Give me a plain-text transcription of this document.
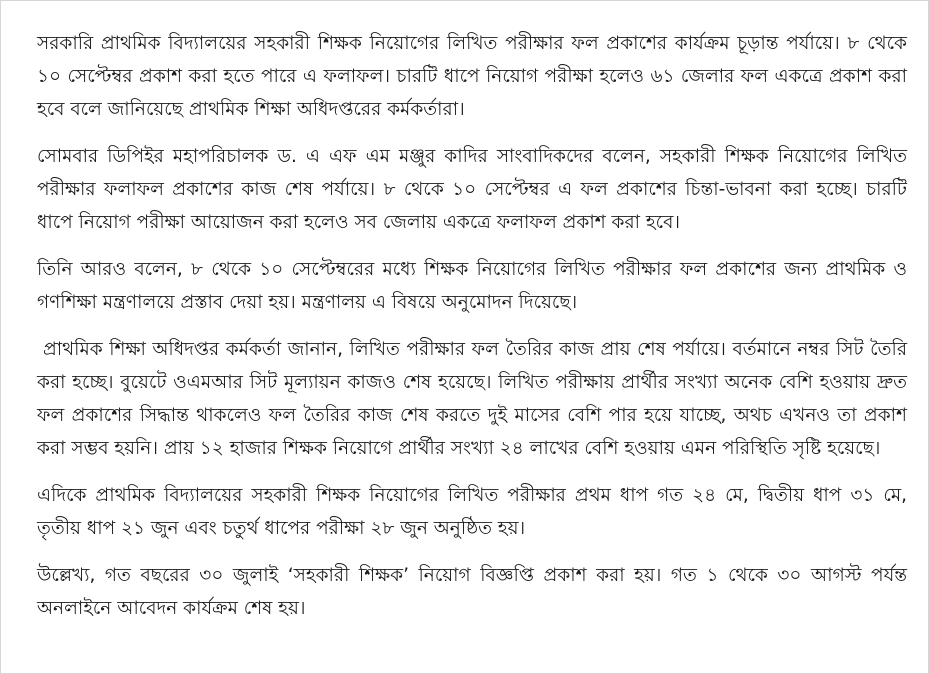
সরকারি প্রাথমিক বিদ্যালয়ের সহকারী শিক্ষক নিয়োগের লিখিত পরীক্ষার ফল প্রকাশের কার্যক্রম চূড়ান্ত পর্যায়ে। ৮ থেকে ১০ সেপ্টেম্বর প্রকাশ করা হতে পারে এ ফলাফল। চারটি ধাপে নিয়োগ পরীক্ষা হলেও ৬১ জেলার ফল একত্রে প্রকাশ করা হবে বলে জানিয়েছে প্রাথমিক শিক্ষা অধিদপ্তরের কর্মকর্তারা।

সোমবার ডিপিইর মহাপরিচালক ড. এ এফ এম মঞ্জুর কাদির সাংবাদিকদের বলেন, সহকারী শিক্ষক নিয়োগের লিখিত পরীক্ষার ফলাফল প্রকাশের কাজ শেষ পর্যায়ে। ৮ থেকে ১০ সেপ্টেম্বর এ ফল প্রকাশের চিন্তা-ভাবনা করা হচ্ছে। চারটি ধাপে নিয়োগ পরীক্ষা আয়োজন করা হলেও সব জেলায় একত্রে ফলাফল প্রকাশ করা হবে।

তিনি আরও বলেন, ৮ থেকে ১০ সেপ্টেম্বরের মধ্যে শিক্ষক নিয়োগের লিখিত পরীক্ষার ফল প্রকাশের জন্য প্রাথমিক ও গণশিক্ষা মন্ত্রণালয়ে প্রস্তাব দেয়া হয়। মন্ত্রণালয় এ বিষয়ে অনুমোদন দিয়েছে।

প্রাথমিক শিক্ষা অধিদপ্তর কর্মকর্তা জানান, লিখিত পরীক্ষার ফল তৈরির কাজ প্রায় শেষ পর্যায়ে। বর্তমানে নম্বর সিট তৈরি করা হচ্ছে। বুয়েটে ওএমআর সিট মূল্যায়ন কাজও শেষ হয়েছে। লিখিত পরীক্ষায় প্রার্থীর সংখ্যা অনেক বেশি হওয়ায় দ্রুত ফল প্রকাশের সিদ্ধান্ত থাকলেও ফল তৈরির কাজ শেষ করতে দুই মাসের বেশি পার হয়ে যাচ্ছে, অথচ এখনও তা প্রকাশ করা সম্ভব হয়নি। প্রায় ১২ হাজার শিক্ষক নিয়োগে প্রার্থীর সংখ্যা ২৪ লাখের বেশি হওয়ায় এমন পরিস্থিতি সৃষ্টি হয়েছে।

এদিকে প্রাথমিক বিদ্যালয়ের সহকারী শিক্ষক নিয়োগের লিখিত পরীক্ষার প্রথম ধাপ গত ২৪ মে, দ্বিতীয় ধাপ ৩১ মে, তৃতীয় ধাপ ২১ জুন এবং চতুর্থ ধাপের পরীক্ষা ২৮ জুন অনুষ্ঠিত হয়।

উল্লেখ্য, গত বছরের ৩০ জুলাই ‘সহকারী শিক্ষক’ নিয়োগ বিজ্ঞপ্তি প্রকাশ করা হয়। গত ১ থেকে ৩০ আগস্ট পর্যন্ত অনলাইনে আবেদন কার্যক্রম শেষ হয়।
